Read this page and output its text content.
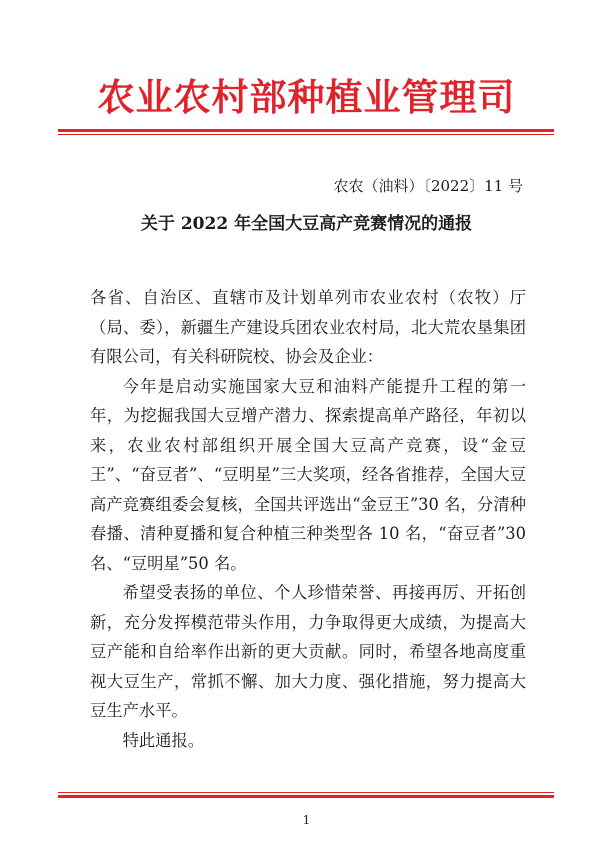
农业农村部种植业管理司
农农（油料）〔2022〕11 号
关于 2022 年全国大豆高产竞赛情况的通报

各省、自治区、直辖市及计划单列市农业农村（农牧）厅（局、委），新疆生产建设兵团农业农村局，北大荒农垦集团有限公司，有关科研院校、协会及企业：

今年是启动实施国家大豆和油料产能提升工程的第一年，为挖掘我国大豆增产潜力、探索提高单产路径，年初以来，农业农村部组织开展全国大豆高产竞赛，设“金豆王”、“奋豆者”、“豆明星”三大奖项，经各省推荐，全国大豆高产竞赛组委会复核，全国共评选出“金豆王”30 名，分清种春播、清种夏播和复合种植三种类型各 10 名，“奋豆者”30 名、“豆明星”50 名。

希望受表扬的单位、个人珍惜荣誉、再接再厉、开拓创新，充分发挥模范带头作用，力争取得更大成绩，为提高大豆产能和自给率作出新的更大贡献。同时，希望各地高度重视大豆生产，常抓不懈、加大力度、强化措施，努力提高大豆生产水平。

特此通报。

1
